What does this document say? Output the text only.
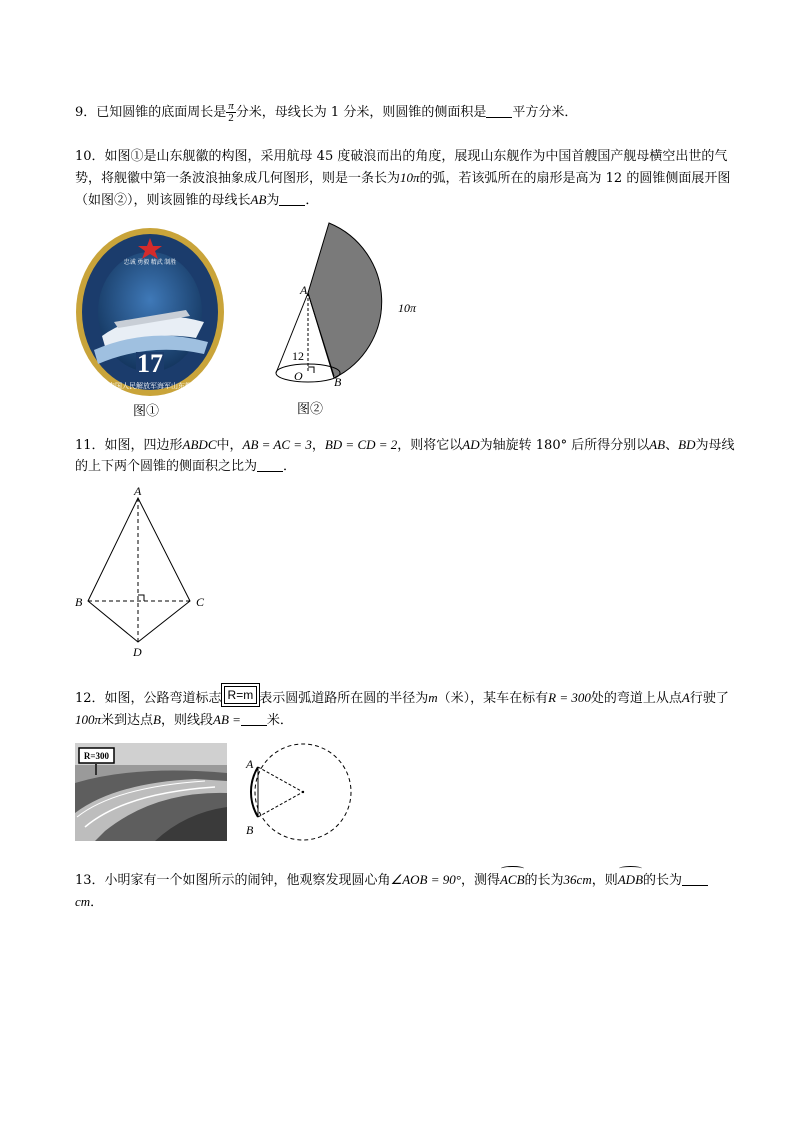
9．已知圆锥的底面周长是 $\frac{\pi}{2}$ 分米，母线长为 1 分米，则圆锥的侧面积是 平方分米．
10．如图①是山东舰徽的构图，采用航母 45 度破浪而出的角度，展现山东舰作为中国首艘国产舰母横空出世的气势，将舰徽中第一条波浪抽象成几何图形，则是一条长为10π的弧，若该弧所在的扇形是高为 12 的圆锥侧面展开图（如图②），则该圆锥的母线长AB为 ．
17
中国人民解放军海军山东舰
忠诚 勇毅 精武 制胜
图①
A
O	B
12
10π
图②
11．如图，四边形ABDC中，AB = AC = 3，BD = CD = 2，则将它以AD为轴旋转 180° 后所得分别以AB、BD为母线的上下两个圆锥的侧面积之比为 ．
A
B	C
D
12．如图，公路弯道标志 R=m 表示圆弧道路所在圆的半径为m（米），某车在标有R = 300处的弯道上从点A行驶了100π米到达点B，则线段AB = 米．
R=300
A
B
13．小明家有一个如图所示的闹钟，他观察发现圆心角∠AOB = 90°，测得ACB的长为36cm，则ADB的长为cm．
